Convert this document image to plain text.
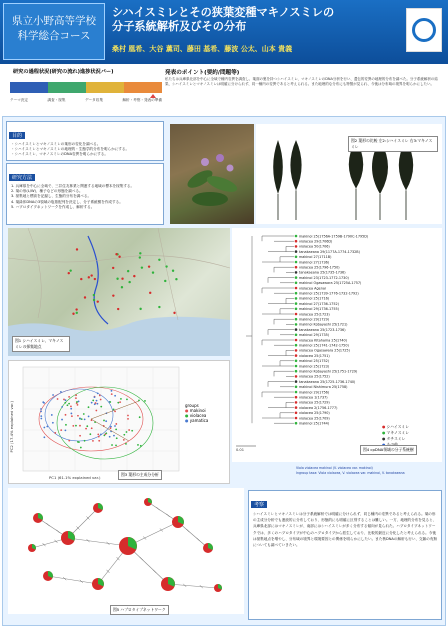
県立小野高等学校
科学総合コース
シハイスミレとその狭葉変種マキノスミレの
分子系統解析及びその分布
桑村 凰希、大谷 薫司、藤田 基希、藤波 公太、山本 貴義
研究の過程状況(研究の流れ)進捗状況バー)
テーマ決定	調査・採集	データ収集	解析・考察・発表の準備
発表のポイント(要約/問題等)
私たちは兵庫県北部を中心に全域で種内変異を調査し、葉面の裏を持つシハイスミレ、マキノスミレのDNA分析を行い、遺伝的変異の地理的分布を調べた。分子系統解析の結果、シハイスミレとマキノスミレは明確に分けられず、同一種内の変異であると考えられる。また地理的な分布にも特徴が見られ、今後は分布域の境界を明らかにしたい。
目的
・シハイスミレとマキノスミレの葉形の変化を調べる。
・シハイスミレとマキノスミレの地理的・生態学的分布を明らかにする。
・シハイスミレ、マキノスミレのDNA変異を明らかにする。
研究方法
1. 兵庫県を中心に全域で、三井住友林業と関連する地域の標本を採集する。
2. 葉の形(L/W)、種子などの形態を調べる。
3. 採集地と標高を記録し、生態的分布を調べる。
4. 葉緑体DNAの3領域の塩基配列を決定し、分子系統樹を作成する。
5. ハプロタイプネットワークを作成し、解析する。
図2 葉形の比較 左2:シハイスミレ 右3:マキノスミレ
図1 シハイスミレ、マキノスミレの採集地点
PC1 (61.1% explained var.)
PC2 (17.4% explained var.)	groups
● makinoi
● violacea
● yamatica
図3 葉形の主成分分析
makinoi 25(1756A-1759B-1790C-1795D)
violacea 29(1706D)
violacea 50(1706)
tanakaeana 29(1177A-1774-1732B)
makinoi 27(1711B)
makinoi 27(1736)
violacea 25(1796-1750)
tanakaeana 25(1735-1736)
makinoi 23(1723-1772-1730)
makinoi Ogasawara 25(1725A-1757)
violacea Agenai
makinoi 25(1739-1776-1732-1792)
makinoi 25(1716)
makinoi 27(1736-1752)
makinoi 29(1736-1755)
violacea 25(1723)
makinoi 29(1729)
makinoi Kobayashi 25(1721)
tanakaeana 25(1723-1736)
makinoi 29(1735)
violacea Kitahama 25(1740)
makinoi 25(1741-1742-1750)
violacea Ogasawara 25(1725)
violacea 25(1751)
makinoi 25(1752)
makinoi 25(1723)
makinoi Kobayashi 25(1751-1729)
violacea 25(1752)
tanakaeana 25(1725-1736-1740)
makinoi Nishimura 25(1758)
makinoi 29(1756)
violacea 1(1737)
violacea 25(1729)
violacea 2(1756-1777)
violacea 25(1790)
violacea 25(1709)
makinoi 25(1744)
● シハイスミレ
● マキノスミレ
● タチスミレ
0.01	図4 cpDNA領域の分子系統樹
Viola violacea makinoi (V. violacea var. makinoi)
Ingroup taxa: Viola violacea, V. violacea var. makinoi, V. tanakaeana
図5 ハプロタイプネットワーク
考察
シハイスミレとマキノスミレは分子系統解析では明確に分けられず、同じ種内の変異であると考えられる。葉の形の主成分分析でも連続的に分布しており、形態的にも明確に区別することは難しい。一方、地理的分布を見ると、兵庫県北部にはマキノスミレが、南部にはシハイスミレが多く分布する傾向が見られた。ハプロタイプネットワークでは、多くのハプロタイプが中心のハプロタイプから派生しており、比較的最近に分化したと考えられる。今後は採集地点を増やし、分布域の境界と環境要因との関係を明らかにしたい。また核DNAの解析も行い、交雑の有無についても調べていきたい。
